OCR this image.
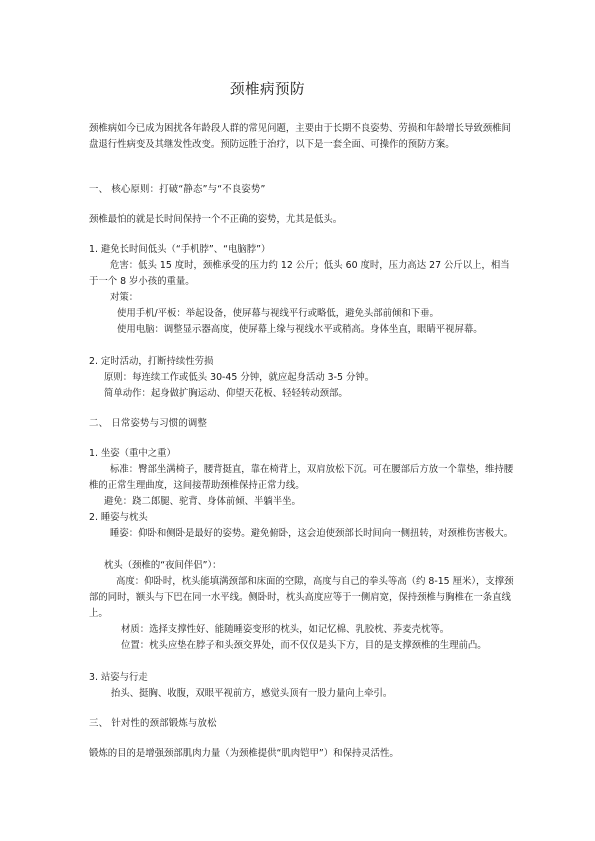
颈椎病预防
颈椎病如今已成为困扰各年龄段人群的常见问题，主要由于长期不良姿势、劳损和年龄增长导致颈椎间盘退行性病变及其继发性改变。预防远胜于治疗，以下是一套全面、可操作的预防方案。
一、 核心原则：打破“静态”与“不良姿势”
颈椎最怕的就是长时间保持一个不正确的姿势，尤其是低头。
1. 避免长时间低头（“手机脖”、“电脑脖”）
危害：低头 15 度时，颈椎承受的压力约 12 公斤；低头 60 度时，压力高达 27 公斤以上，相当于一个 8 岁小孩的重量。
对策：
使用手机/平板：举起设备，使屏幕与视线平行或略低，避免头部前倾和下垂。
使用电脑：调整显示器高度，使屏幕上缘与视线水平或稍高。身体坐直，眼睛平视屏幕。
2. 定时活动，打断持续性劳损
原则：每连续工作或低头 30-45 分钟，就应起身活动 3-5 分钟。
简单动作：起身做扩胸运动、仰望天花板、轻轻转动颈部。
二、 日常姿势与习惯的调整
1. 坐姿（重中之重）
标准：臀部坐满椅子，腰背挺直，靠在椅背上，双肩放松下沉。可在腰部后方放一个靠垫，维持腰椎的正常生理曲度，这间接帮助颈椎保持正常力线。
避免：跷二郎腿、驼背、身体前倾、半躺半坐。
2. 睡姿与枕头
睡姿：仰卧和侧卧是最好的姿势。避免俯卧，这会迫使颈部长时间向一侧扭转，对颈椎伤害极大。
枕头（颈椎的“夜间伴侣”）：
高度：仰卧时，枕头能填满颈部和床面的空隙，高度与自己的拳头等高（约 8-15 厘米），支撑颈部的同时，额头与下巴在同一水平线。侧卧时，枕头高度应等于一侧肩宽，保持颈椎与胸椎在一条直线上。
材质：选择支撑性好、能随睡姿变形的枕头，如记忆棉、乳胶枕、荞麦壳枕等。
位置：枕头应垫在脖子和头颈交界处，而不仅仅是头下方，目的是支撑颈椎的生理前凸。
3. 站姿与行走
抬头、挺胸、收腹，双眼平视前方，感觉头顶有一股力量向上牵引。
三、 针对性的颈部锻炼与放松
锻炼的目的是增强颈部肌肉力量（为颈椎提供“肌肉铠甲”）和保持灵活性。
